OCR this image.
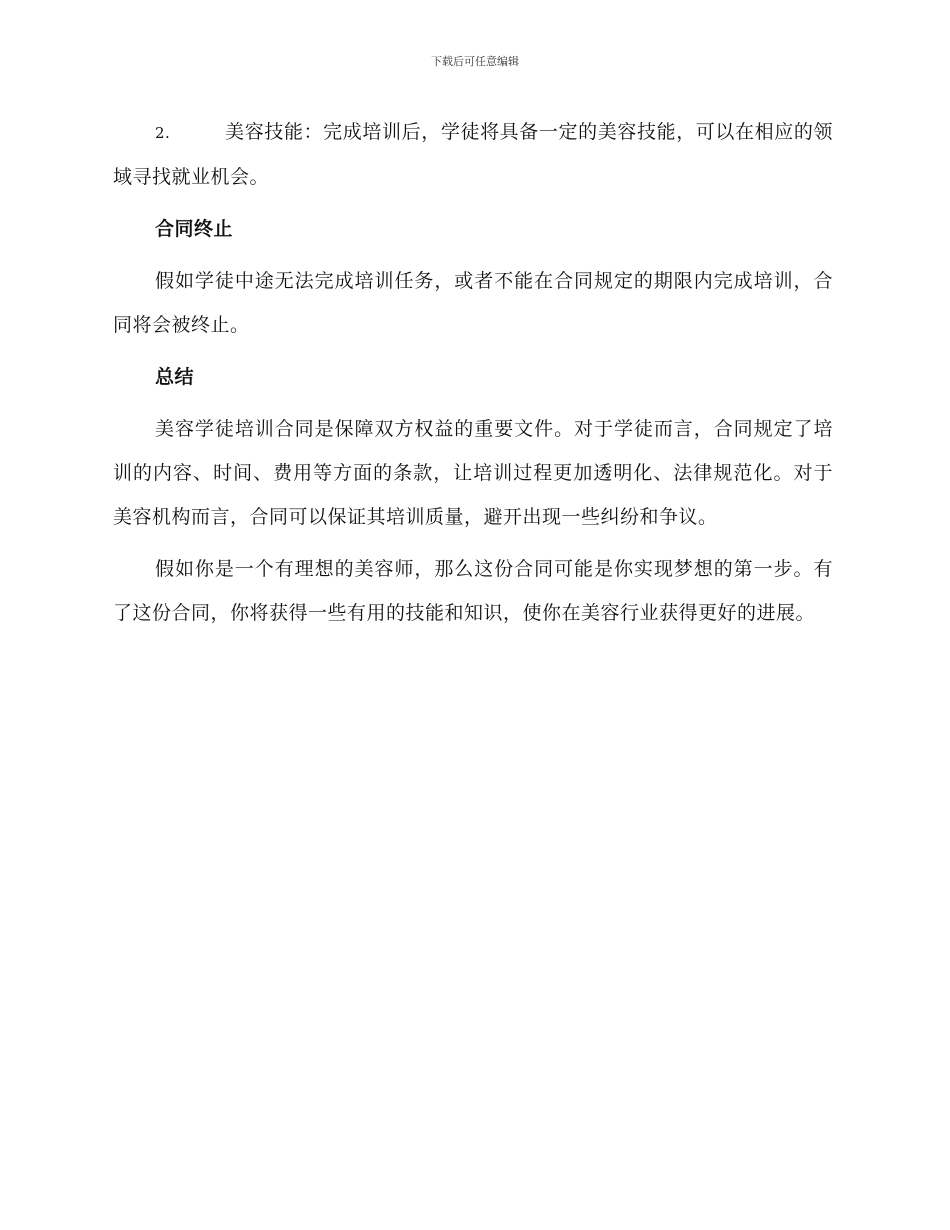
下载后可任意编辑

2.	美容技能：完成培训后，学徒将具备一定的美容技能，可以在相应的领域寻找就业机会。

合同终止

假如学徒中途无法完成培训任务，或者不能在合同规定的期限内完成培训，合同将会被终止。

总结

美容学徒培训合同是保障双方权益的重要文件。对于学徒而言，合同规定了培训的内容、时间、费用等方面的条款，让培训过程更加透明化、法律规范化。对于美容机构而言，合同可以保证其培训质量，避开出现一些纠纷和争议。

假如你是一个有理想的美容师，那么这份合同可能是你实现梦想的第一步。有了这份合同，你将获得一些有用的技能和知识，使你在美容行业获得更好的进展。
